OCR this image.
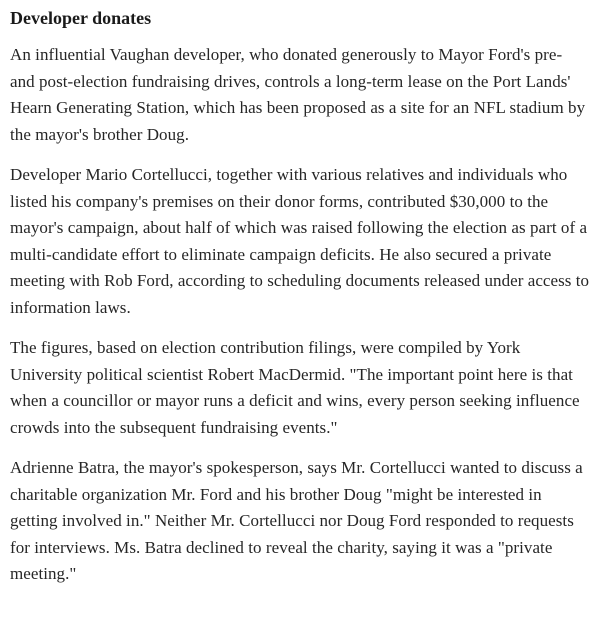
Developer donates

An influential Vaughan developer, who donated generously to Mayor Ford's pre- and post-election fundraising drives, controls a long-term lease on the Port Lands' Hearn Generating Station, which has been proposed as a site for an NFL stadium by the mayor's brother Doug.

Developer Mario Cortellucci, together with various relatives and individuals who listed his company's premises on their donor forms, contributed $30,000 to the mayor's campaign, about half of which was raised following the election as part of a multi-candidate effort to eliminate campaign deficits. He also secured a private meeting with Rob Ford, according to scheduling documents released under access to information laws.

The figures, based on election contribution filings, were compiled by York University political scientist Robert MacDermid. "The important point here is that when a councillor or mayor runs a deficit and wins, every person seeking influence crowds into the subsequent fundraising events."

Adrienne Batra, the mayor's spokesperson, says Mr. Cortellucci wanted to discuss a charitable organization Mr. Ford and his brother Doug "might be interested in getting involved in." Neither Mr. Cortellucci nor Doug Ford responded to requests for interviews. Ms. Batra declined to reveal the charity, saying it was a "private meeting."
